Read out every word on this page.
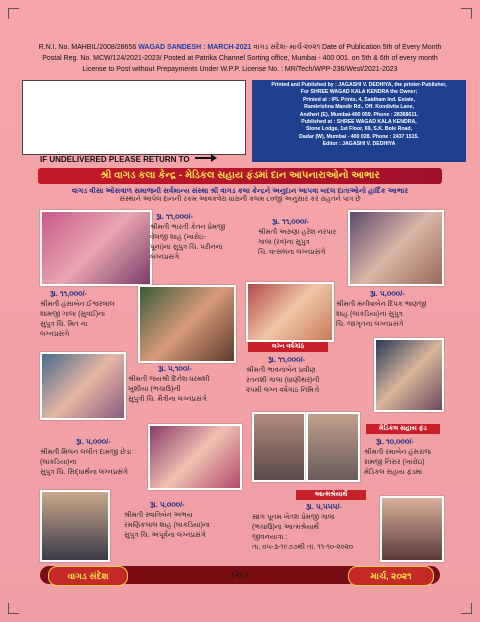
R.N.I. No. MAHBIL/2008/28656 WAGAD SANDESH : MARCH-2021 વાગડ સંદેશ- માર્ચ-૨૦૨૧ Date of Publication 5th of Every Month
Postal Reg. No. MCW/124/2021-2023/ Posted at Patrika Channel Sorting office, Mumbai - 400 001. on 5th & 6th of every month
License to Post without Prepayments Under W.P.P. License No. : MR/Tech/WPP-236/West/2021-2023
IF UNDELIVERED PLEASE RETURN TO
Printed and Published by : JAGASHI V. DEDHIYA, the printer-Publisher,
For SHREE WAGAD KALA KENDRA the Owner;
Printed at : IPL Prints, 4, Saidham Ind. Estate,
Ramkrishna Mandir Rd., Off. Kondivita Lane,
Andheri (E), Mumbai-400 059. Phone : 28368611.
Published at : SHREE WAGAD KALA KENDRA,
Stone Lodge, 1st Floor, 69, S.K. Bole Road,
Dadar (W), Mumbai - 400 028. Phone : 2437 1515.
Editor : JAGASHI V. DEDHIYA
શ્રી વાગડ કલા કેન્દ્ર - મેડિકલ સહાય ફંડમાં દાન આપનારાઓનો આભાર
વાગડ વીસા ઓસવાળ સમાજની સર્વમાન્ય સંસ્થા શ્રી વાગડ કલા કેન્દ્રને અનુદાન આપવા બદલ દાતાઓનો હાર્દિક આભાર
સંસ્થાને આપેલ દાનની રકમ આવકવેરા ધારાની કલમ ૮૦જી અનુસાર કર રાહતને પાત્ર છે
રૂા. ૧૧,૦૦૦/-
શ્રીમતી ભારતી કેતન પ્રેમજી
વેલજી શાહ (ખારોઇ-
પૂના)ના સુપુત્ર ચિ. પરીનના
લગ્નપ્રસંગે
રૂા. ૧૧,૦૦૦/-
શ્રીમતી અરુણા હરેશ નરપાર
ગાલા (રવ)ના સુપુત્ર
ચિ. વત્સલના લગ્નપ્રસંગે
રૂા. ૧૧,૦૦૦/-
શ્રીમતી હંસાબેન ઈશ્વરલાલ
શામજી ગાલા (સુવઈ)ના
સુપુત્ર ચિ. મિત ના
લગ્નપ્રસંગે
રૂા. ૫,૦૦૦/-
શ્રીમતી મનીષાબેન દિપક ભાણજી
શાહ (લાકડિયા)ના સુપુત્ર
ચિ. જાગૃતના લગ્નપ્રસંગે
લગ્ન વર્ષગાંઠ
રૂા. ૧૧,૦૦૦/-
શ્રીમતી ભાવનાબેન પ્રવીણ
રતનશી ગાલા (ધાણીથર)ની
૨૫મી લગ્ન વર્ષગાંઠ નિમિત્તે
રૂા. ૫,૧૦૦/-
શ્રીમતી જયશ્રી દિનેશ ધરમશી
ખુશીયા (ભચાઉ)ની
સુપુત્રી ચિ. મૈત્રીના લગ્નપ્રસંગે
રૂા. ૫,૦૦૦/-
શ્રીમતી મિલન લલીત દામજી છેડા
(લાકડિયા)ના
સુપુત્ર ચિ. સિદ્ધાર્થના લગ્નપ્રસંગે
મેડિકલ સહાય ફંડ
રૂા. ૧૦,૦૦૦/-
શ્રીમતી રમાબેન હંસરાજ
રામજી નિસર (ખારોઇ)
મેડિકલ સહાય ફંડમાં
રૂા. ૫,૦૦૦/-
શ્રીમતી સ્વાતિબેન અભય
રમણિકલાલ શાહ (લાકડિયા)ના
સુપુત્ર ચિ. અપૂર્વના લગ્નપ્રસંગે
આત્મશ્રેયાર્થે
રૂા. ૫,૫૫૫/-
સ્વ્રગ પૂનમ ખેતશ પ્રેમજી ગાલા
(ભચાઉ)ના આત્મશ્રેયાર્થે
જીવનયાત્રા :
તા. ૦૫-૩-૧૯૭૭થી તા. ૧૧-૧૦-૨૦૨૦
વાગડ સંદેશ	(૨૮)	માર્ચ, ૨૦૨૧
